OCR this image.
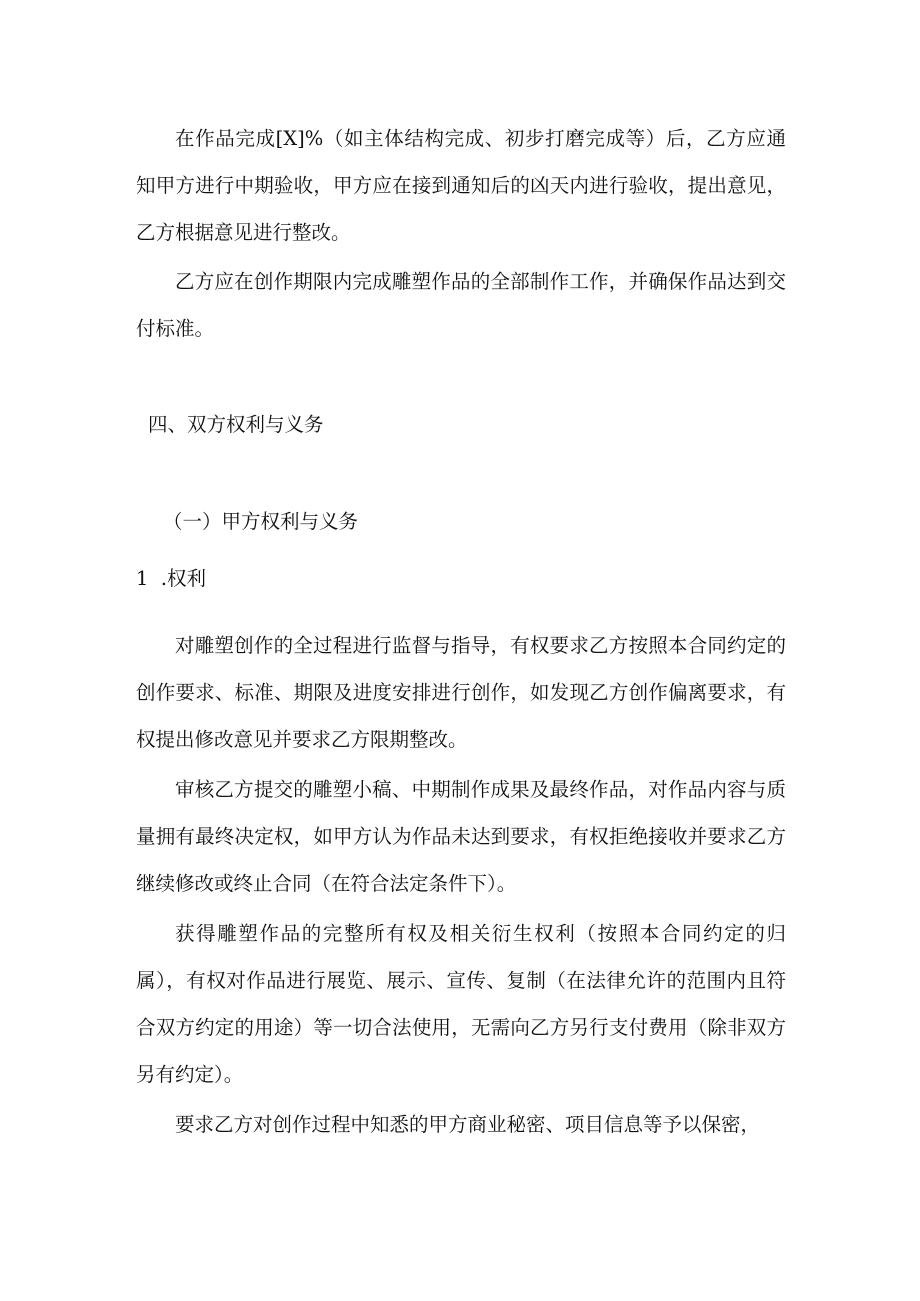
在作品完成[X]%（如主体结构完成、初步打磨完成等）后，乙方应通知甲方进行中期验收，甲方应在接到通知后的凶天内进行验收，提出意见，乙方根据意见进行整改。

乙方应在创作期限内完成雕塑作品的全部制作工作，并确保作品达到交付标准。

四、双方权利与义务
（一）甲方权利与义务
1  .权利

对雕塑创作的全过程进行监督与指导，有权要求乙方按照本合同约定的创作要求、标准、期限及进度安排进行创作，如发现乙方创作偏离要求，有权提出修改意见并要求乙方限期整改。

审核乙方提交的雕塑小稿、中期制作成果及最终作品，对作品内容与质量拥有最终决定权，如甲方认为作品未达到要求，有权拒绝接收并要求乙方继续修改或终止合同（在符合法定条件下）。

获得雕塑作品的完整所有权及相关衍生权利（按照本合同约定的归属），有权对作品进行展览、展示、宣传、复制（在法律允许的范围内且符合双方约定的用途）等一切合法使用，无需向乙方另行支付费用（除非双方另有约定）。

要求乙方对创作过程中知悉的甲方商业秘密、项目信息等予以保密，
